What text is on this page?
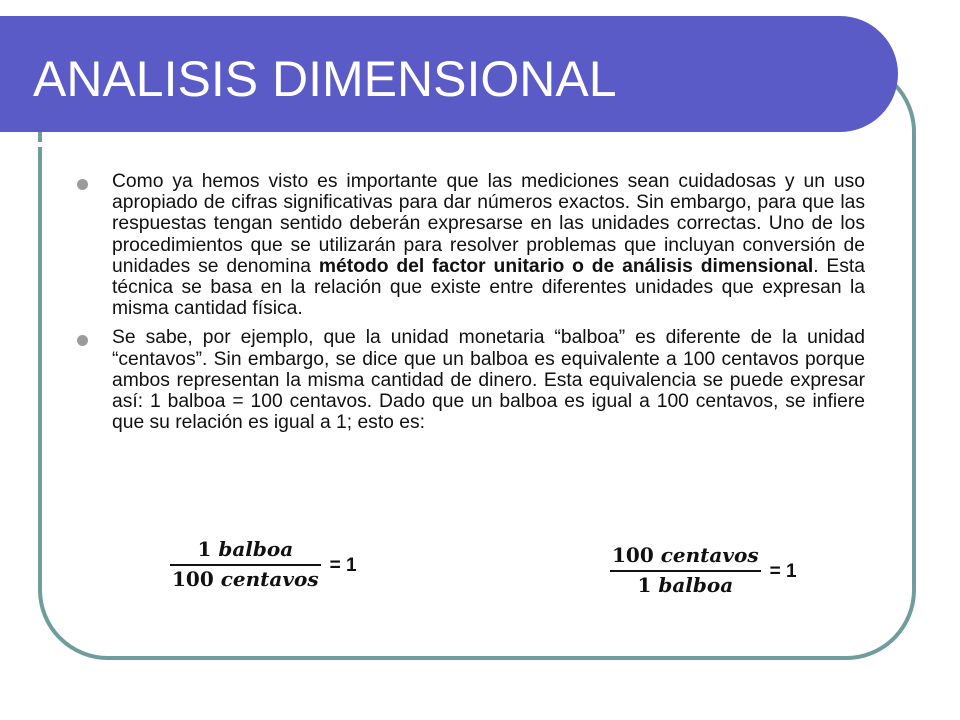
ANALISIS DIMENSIONAL

Como ya hemos visto es importante que las mediciones sean cuidadosas y un uso apropiado de cifras significativas para dar números exactos. Sin embargo, para que las respuestas tengan sentido deberán expresarse en las unidades correctas. Uno de los procedimientos que se utilizarán para resolver problemas que incluyan conversión de unidades se denomina método del factor unitario o de análisis dimensional. Esta técnica se basa en la relación que existe entre diferentes unidades que expresan la misma cantidad física.

Se sabe, por ejemplo, que la unidad monetaria “balboa” es diferente de la unidad “centavos”. Sin embargo, se dice que un balboa es equivalente a 100 centavos porque ambos representan la misma cantidad de dinero. Esta equivalencia se puede expresar así: 1 balboa = 100 centavos. Dado que un balboa es igual a 100 centavos, se infiere que su relación es igual a 1; esto es:

$\frac{\text{1 balboa}}{\text{100 centavos}} = 1$	$\frac{\text{100 centavos}}{\text{1 balboa}} = 1$
